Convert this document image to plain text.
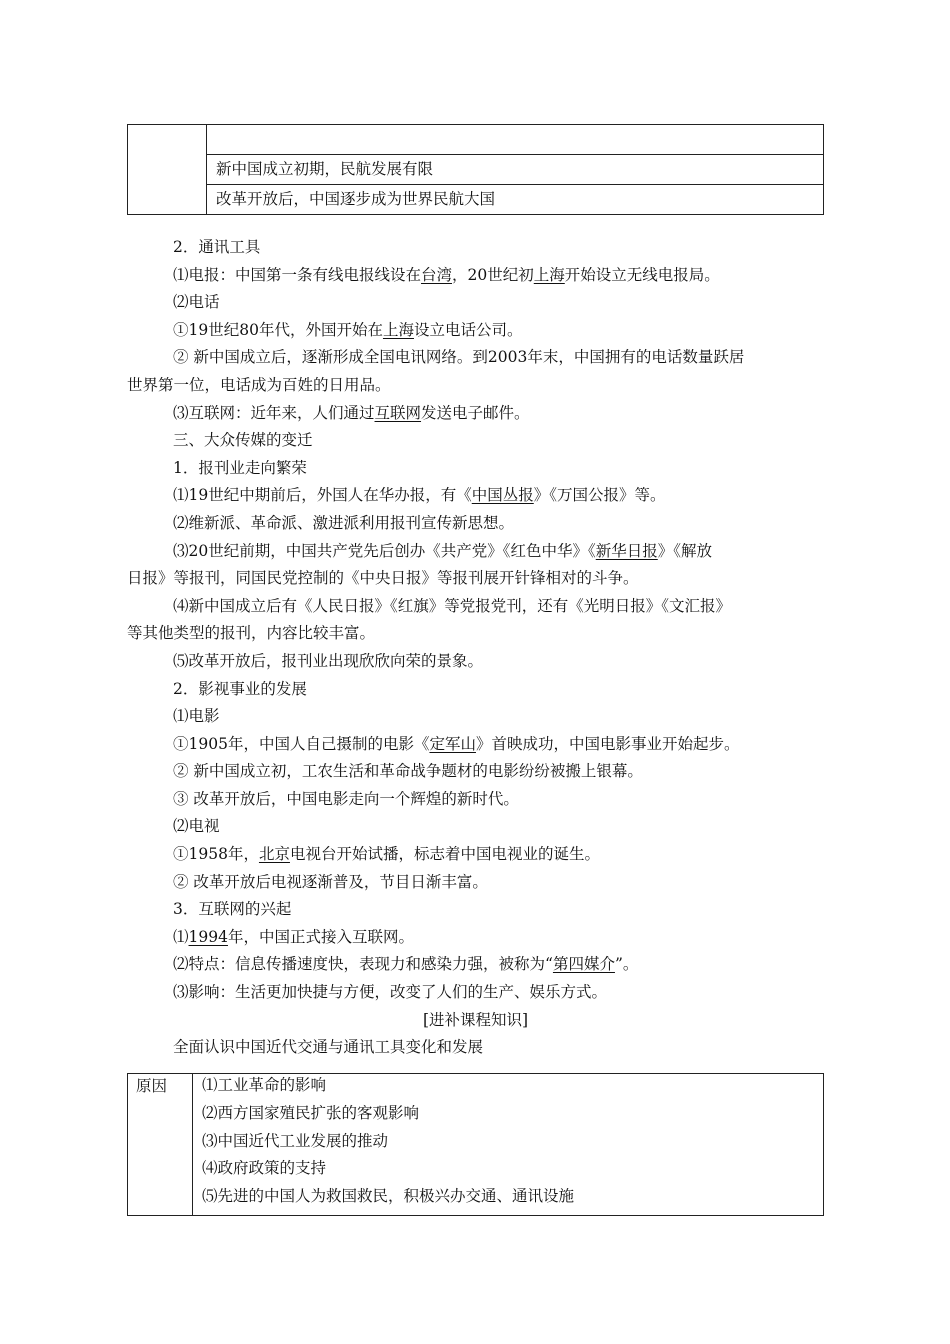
新中国成立初期，民航发展有限
改革开放后，中国逐步成为世界民航大国
2．通讯工具
⑴电报：中国第一条有线电报线设在台湾，20世纪初上海开始设立无线电报局。
⑵电话
①19世纪80年代，外国开始在上海设立电话公司。
② 新中国成立后，逐渐形成全国电讯网络。到2003年末，中国拥有的电话数量跃居
世界第一位，电话成为百姓的日用品。
⑶互联网：近年来，人们通过互联网发送电子邮件。
三、大众传媒的变迁
1．报刊业走向繁荣
⑴19世纪中期前后，外国人在华办报，有《中国丛报》《万国公报》等。
⑵维新派、革命派、激进派利用报刊宣传新思想。
⑶20世纪前期，中国共产党先后创办《共产党》《红色中华》《新华日报》《解放
日报》等报刊，同国民党控制的《中央日报》等报刊展开针锋相对的斗争。
⑷新中国成立后有《人民日报》《红旗》等党报党刊，还有《光明日报》《文汇报》
等其他类型的报刊，内容比较丰富。
⑸改革开放后，报刊业出现欣欣向荣的景象。
2．影视事业的发展
⑴电影
①1905年，中国人自己摄制的电影《定军山》首映成功，中国电影事业开始起步。
② 新中国成立初，工农生活和革命战争题材的电影纷纷被搬上银幕。
③ 改革开放后，中国电影走向一个辉煌的新时代。
⑵电视
①1958年，北京电视台开始试播，标志着中国电视业的诞生。
② 改革开放后电视逐渐普及，节目日渐丰富。
3．互联网的兴起
⑴1994年，中国正式接入互联网。
⑵特点：信息传播速度快，表现力和感染力强，被称为“第四媒介”。
⑶影响：生活更加快捷与方便，改变了人们的生产、娱乐方式。
[进补课程知识]
全面认识中国近代交通与通讯工具变化和发展
原因	⑴工业革命的影响
⑵西方国家殖民扩张的客观影响
⑶中国近代工业发展的推动
⑷政府政策的支持
⑸先进的中国人为救国救民，积极兴办交通、通讯设施
